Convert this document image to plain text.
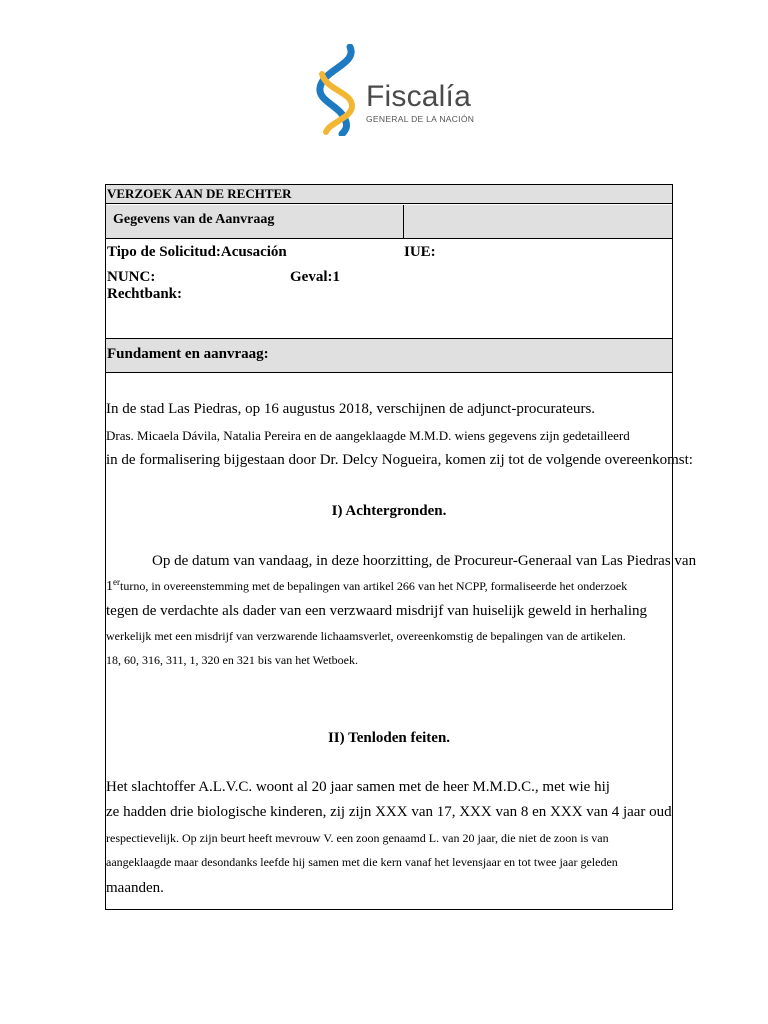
Fiscalía
GENERAL DE LA NACIÓN
VERZOEK AAN DE RECHTER
Gegevens van de Aanvraag
Tipo de Solicitud:Acusación	IUE:
NUNC:	Geval:1
Rechtbank:
Fundament en aanvraag:
In de stad Las Piedras, op 16 augustus 2018, verschijnen de adjunct-procurateurs.
Dras. Micaela Dávila, Natalia Pereira en de aangeklaagde M.M.D. wiens gegevens zijn gedetailleerd
in de formalisering bijgestaan door Dr. Delcy Nogueira, komen zij tot de volgende overeenkomst:
I) Achtergronden.
Op de datum van vandaag, in deze hoorzitting, de Procureur-Generaal van Las Piedras van
1erturno, in overeenstemming met de bepalingen van artikel 266 van het NCPP, formaliseerde het onderzoek
tegen de verdachte als dader van een verzwaard misdrijf van huiselijk geweld in herhaling
werkelijk met een misdrijf van verzwarende lichaamsverlet, overeenkomstig de bepalingen van de artikelen.
18, 60, 316, 311, 1, 320 en 321 bis van het Wetboek.
II) Tenloden feiten.
Het slachtoffer A.L.V.C. woont al 20 jaar samen met de heer M.M.D.C., met wie hij
ze hadden drie biologische kinderen, zij zijn XXX van 17, XXX van 8 en XXX van 4 jaar oud
respectievelijk. Op zijn beurt heeft mevrouw V. een zoon genaamd L. van 20 jaar, die niet de zoon is van
aangeklaagde maar desondanks leefde hij samen met die kern vanaf het levensjaar en tot twee jaar geleden
maanden.
